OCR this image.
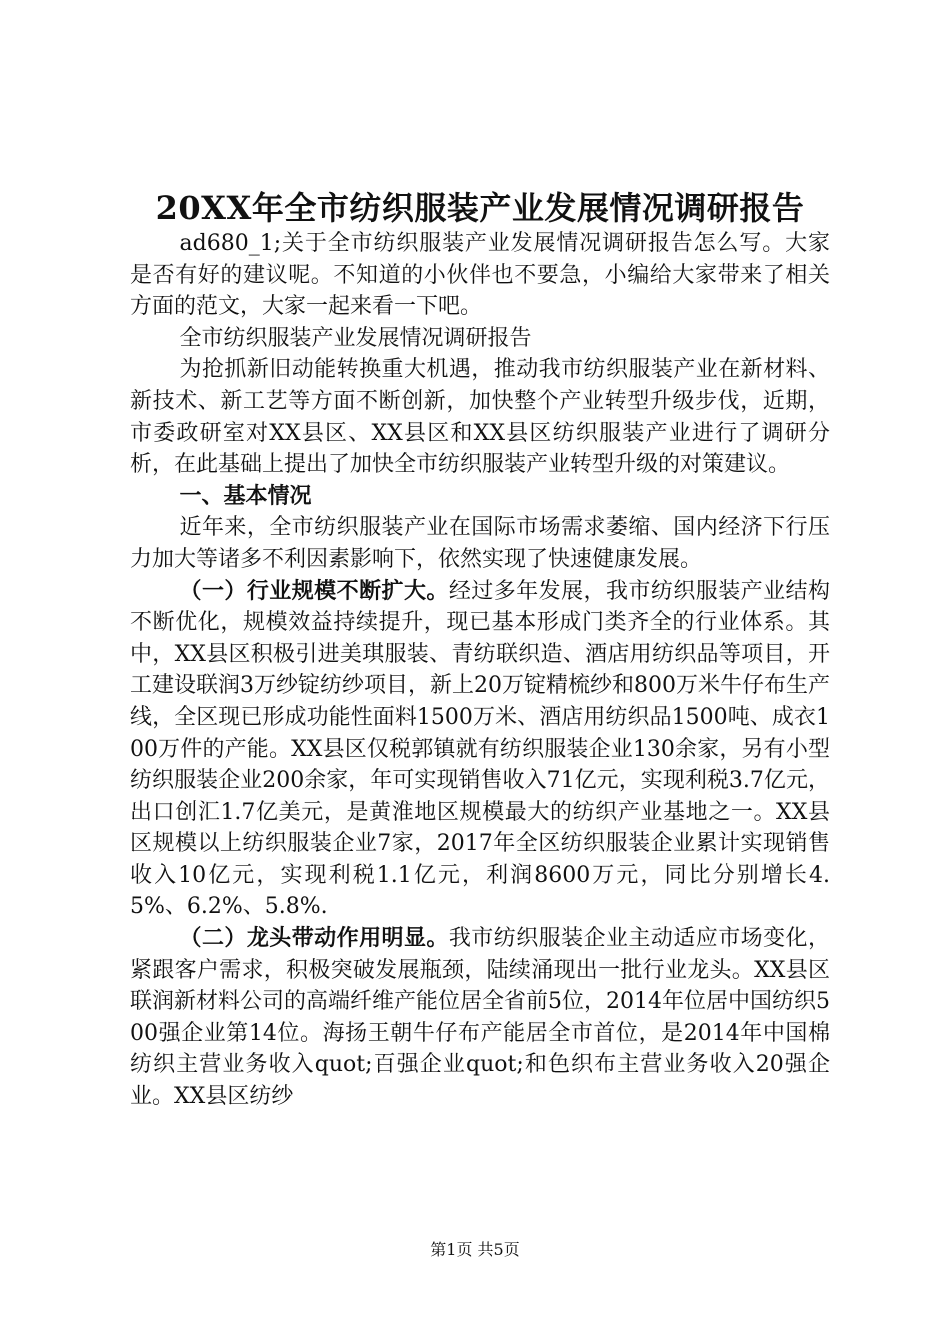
20XX年全市纺织服装产业发展情况调研报告

ad680_1;关于全市纺织服装产业发展情况调研报告怎么写。大家是否有好的建议呢。不知道的小伙伴也不要急，小编给大家带来了相关方面的范文，大家一起来看一下吧。

全市纺织服装产业发展情况调研报告

为抢抓新旧动能转换重大机遇，推动我市纺织服装产业在新材料、新技术、新工艺等方面不断创新，加快整个产业转型升级步伐，近期，市委政研室对XX县区、XX县区和XX县区纺织服装产业进行了调研分析，在此基础上提出了加快全市纺织服装产业转型升级的对策建议。

一、基本情况

近年来，全市纺织服装产业在国际市场需求萎缩、国内经济下行压力加大等诸多不利因素影响下，依然实现了快速健康发展。

（一）行业规模不断扩大。经过多年发展，我市纺织服装产业结构不断优化，规模效益持续提升，现已基本形成门类齐全的行业体系。其中，XX县区积极引进美琪服装、青纺联织造、酒店用纺织品等项目，开工建设联润3万纱锭纺纱项目，新上20万锭精梳纱和800万米牛仔布生产线，全区现已形成功能性面料1500万米、酒店用纺织品1500吨、成衣100万件的产能。XX县区仅税郭镇就有纺织服装企业130余家，另有小型纺织服装企业200余家，年可实现销售收入71亿元，实现利税3.7亿元，出口创汇1.7亿美元，是黄淮地区规模最大的纺织产业基地之一。XX县区规模以上纺织服装企业7家，2017年全区纺织服装企业累计实现销售收入10亿元，实现利税1.1亿元，利润8600万元，同比分别增长4.5%、6.2%、5.8%.

（二）龙头带动作用明显。我市纺织服装企业主动适应市场变化，紧跟客户需求，积极突破发展瓶颈，陆续涌现出一批行业龙头。XX县区联润新材料公司的高端纤维产能位居全省前5位，2014年位居中国纺织500强企业第14位。海扬王朝牛仔布产能居全市首位，是2014年中国棉纺织主营业务收入quot;百强企业quot;和色织布主营业务收入20强企业。XX县区纺纱

第1页 共5页
